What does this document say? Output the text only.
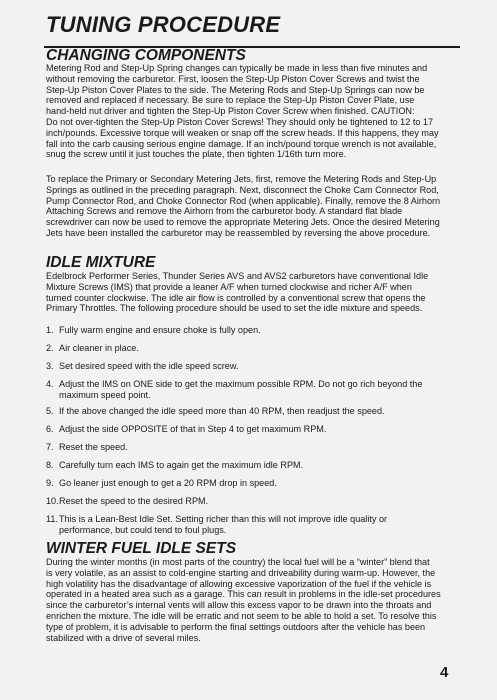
TUNING PROCEDURE
CHANGING COMPONENTS

Metering Rod and Step-Up Spring changes can typically be made in less than five minutes and
without removing the carburetor. First, loosen the Step-Up Piston Cover Screws and twist the
Step-Up Piston Cover Plates to the side. The Metering Rods and Step-Up Springs can now be
removed and replaced if necessary. Be sure to replace the Step-Up Piston Cover Plate, use
hand-held nut driver and tighten the Step-Up Piston Cover Screw when finished. CAUTION:
Do not over-tighten the Step-Up Piston Cover Screws! They should only be tightened to 12 to 17
inch/pounds. Excessive torque will weaken or snap off the screw heads. If this happens, they may
fall into the carb causing serious engine damage. If an inch/pound torque wrench is not available,
snug the screw until it just touches the plate, then tighten 1/16th turn more.

To replace the Primary or Secondary Metering Jets, first, remove the Metering Rods and Step-Up
Springs as outlined in the preceding paragraph. Next, disconnect the Choke Cam Connector Rod,
Pump Connector Rod, and Choke Connector Rod (when applicable). Finally, remove the 8 Airhorn
Attaching Screws and remove the Airhorn from the carburetor body. A standard flat blade
screwdriver can now be used to remove the appropriate Metering Jets. Once the desired Metering
Jets have been installed the carburetor may be reassembled by reversing the above procedure.

IDLE MIXTURE

Edelbrock Performer Series, Thunder Series AVS and AVS2 carburetors have conventional Idle
Mixture Screws (IMS) that provide a leaner A/F when turned clockwise and richer A/F when
turned counter clockwise. The idle air flow is controlled by a conventional screw that opens the
Primary Throttles. The following procedure should be used to set the idle mixture and speeds.

1. Fully warm engine and ensure choke is fully open.
2. Air cleaner in place.
3. Set desired speed with the idle speed screw.
4. Adjust the IMS on ONE side to get the maximum possible RPM. Do not go rich beyond the
maximum speed point.
5. If the above changed the idle speed more than 40 RPM, then readjust the speed.
6. Adjust the side OPPOSITE of that in Step 4 to get maximum RPM.
7. Reset the speed.
8. Carefully turn each IMS to again get the maximum idle RPM.
9. Go leaner just enough to get a 20 RPM drop in speed.
10. Reset the speed to the desired RPM.
11. This is a Lean-Best Idle Set. Setting richer than this will not improve idle quality or
performance, but could tend to foul plugs.
WINTER FUEL IDLE SETS

During the winter months (in most parts of the country) the local fuel will be a “winter” blend that
is very volatile, as an assist to cold-engine starting and driveability during warm-up. However, the
high volatility has the disadvantage of allowing excessive vaporization of the fuel if the vehicle is
operated in a heated area such as a garage. This can result in problems in the idle-set procedures
since the carburetor’s internal vents will allow this excess vapor to be drawn into the throats and
enrichen the mixture. The idle will be erratic and not seem to be able to hold a set. To resolve this
type of problem, it is advisable to perform the final settings outdoors after the vehicle has been
stabilized with a drive of several miles.

4
